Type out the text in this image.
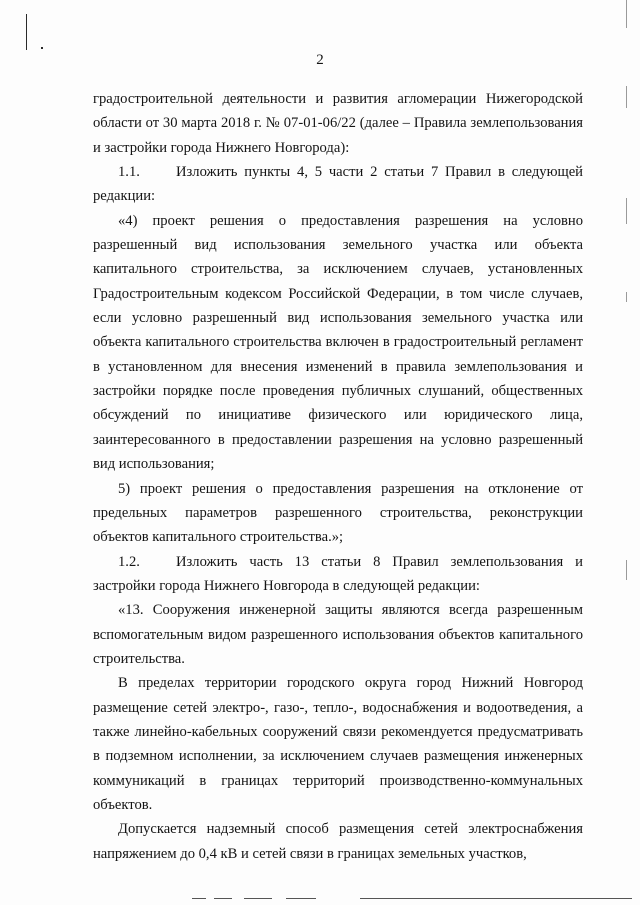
2

градостроительной деятельности и развития агломерации Нижегородской области от 30 марта 2018 г. № 07-01-06/22 (далее – Правила землепользования и застройки города Нижнего Новгорода):

1.1. Изложить пункты 4, 5 части 2 статьи 7 Правил в следующей редакции:

«4) проект решения о предоставления разрешения на условно разрешенный вид использования земельного участка или объекта капитального строительства, за исключением случаев, установленных Градостроительным кодексом Российской Федерации, в том числе случаев, если условно разрешенный вид использования земельного участка или объекта капитального строительства включен в градостроительный регламент в установленном для внесения изменений в правила землепользования и застройки порядке после проведения публичных слушаний, общественных обсуждений по инициативе физического или юридического лица, заинтересованного в предоставлении разрешения на условно разрешенный вид использования;

5) проект решения о предоставления разрешения на отклонение от предельных параметров разрешенного строительства, реконструкции объектов капитального строительства.»;

1.2. Изложить часть 13 статьи 8 Правил землепользования и застройки города Нижнего Новгорода в следующей редакции:

«13. Сооружения инженерной защиты являются всегда разрешенным вспомогательным видом разрешенного использования объектов капитального строительства.

В пределах территории городского округа город Нижний Новгород размещение сетей электро-, газо-, тепло-, водоснабжения и водоотведения, а также линейно-кабельных сооружений связи рекомендуется предусматривать в подземном исполнении, за исключением случаев размещения инженерных коммуникаций в границах территорий производственно-коммунальных объектов.

Допускается надземный способ размещения сетей электроснабжения напряжением до 0,4 кВ и сетей связи в границах земельных участков,
